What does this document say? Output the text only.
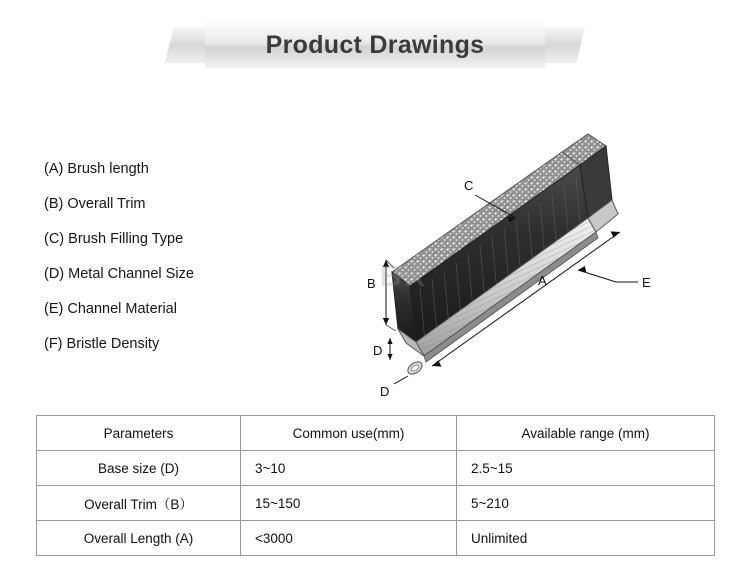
Product Drawings
(A) Brush length
(B) Overall Trim
(C) Brush Filling Type
(D) Metal Channel Size
(E) Channel Material
(F) Bristle Density
B
D
D
A
C
E
BR
Parameters	Common use(mm)	Available range (mm)
Base size (D)	3~10	2.5~15
Overall Trim（B）	15~150	5~210
Overall Length (A)	<3000	Unlimited
